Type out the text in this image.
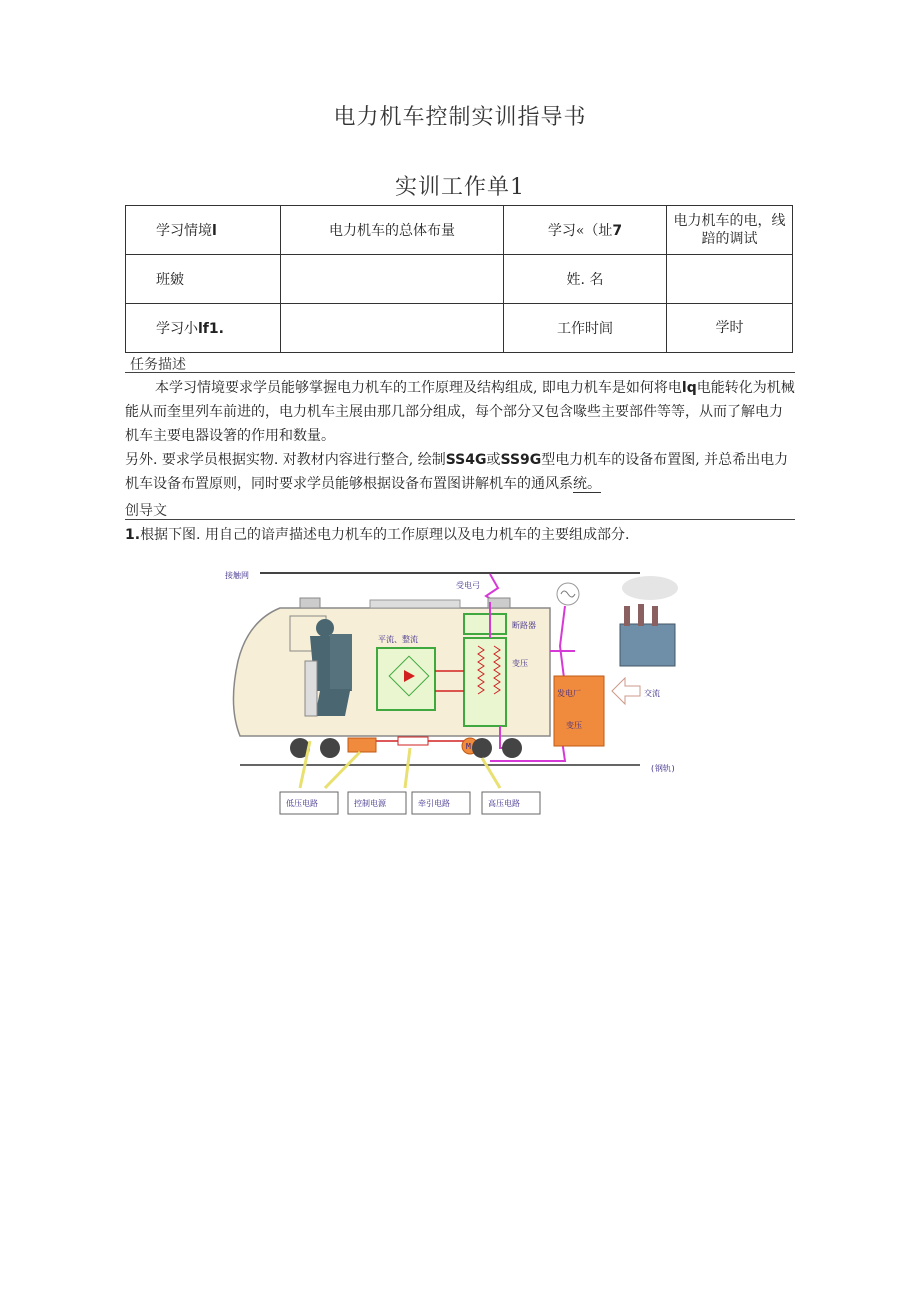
电力机车控制实训指导书
实训工作单1
学习情境l	电力机车的总体布量	学习«（址7	电力机车的电，线踣的调试
班皴		姓. 名	
学习小lf1.		工作时闾	学时
任务描述
本学习情境要求学员能够掌握电力机车的工作原理及结构组成, 即电力机车是如何将电lq电能转化为机械能从而奎里列车前进的，电力机车主展由那几部分组成，每个部分又包含喙些主要部件等等，从而了解电力机车主要电器设箸的作用和数量。
另外. 要求学员根据实物. 对教材内容进行整合, 绘制SS4G或SS9G型电力机车的设备布置图, 并总希出电力机车设备布置原则，同时要求学员能够根据设备布置图讲解机车的通风系统。
创导文
1.根据下图. 用自己的谙声描述电力机车的工作原理以及电力机车的主要组成部分.
接触网
受电弓
平流、整流
断路器
变压
M
发电厂
变压
交流
(钢轨)
低压电路	控制电源	牵引电路	高压电路
